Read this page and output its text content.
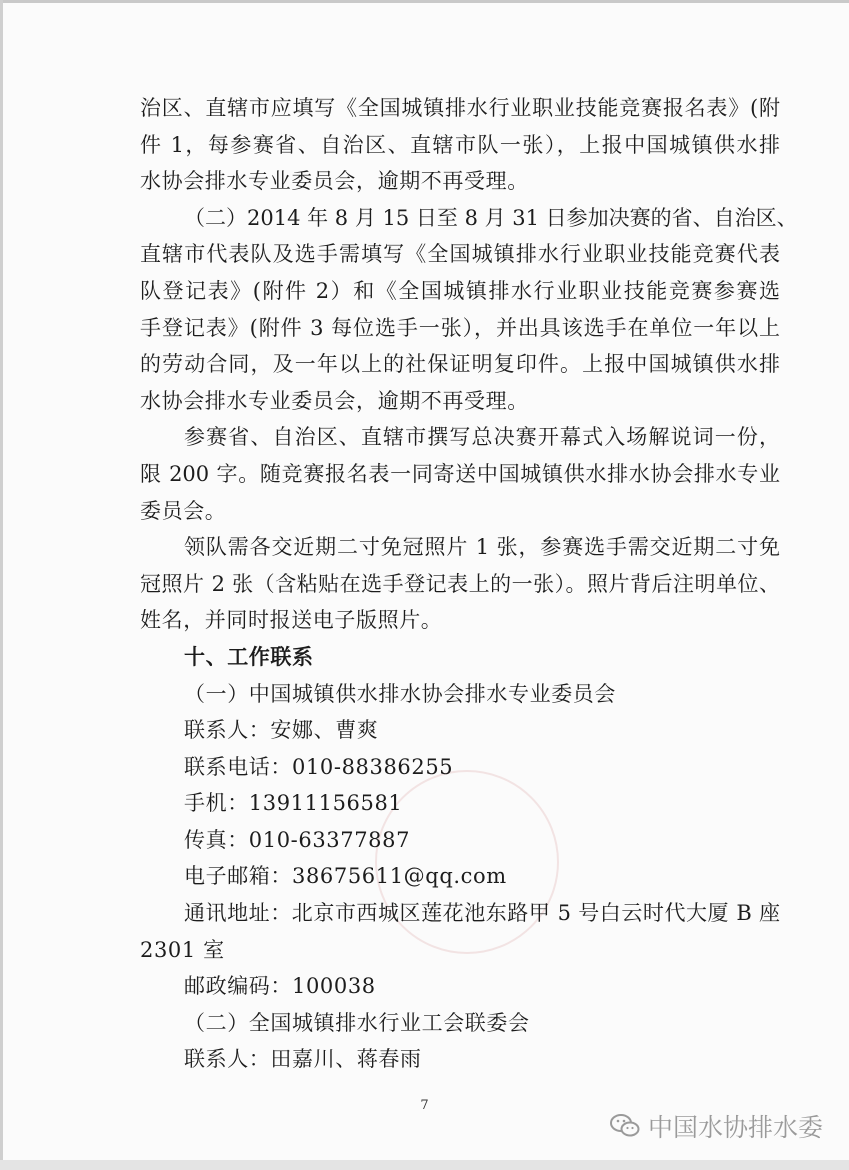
治区、直辖市应填写《全国城镇排水行业职业技能竞赛报名表》(附
件 1，每参赛省、自治区、直辖市队一张），上报中国城镇供水排
水协会排水专业委员会，逾期不再受理。
（二）2014 年 8 月 15 日至 8 月 31 日参加决赛的省、自治区、
直辖市代表队及选手需填写《全国城镇排水行业职业技能竞赛代表
队登记表》(附件 2）和《全国城镇排水行业职业技能竞赛参赛选
手登记表》(附件 3 每位选手一张），并出具该选手在单位一年以上
的劳动合同，及一年以上的社保证明复印件。上报中国城镇供水排
水协会排水专业委员会，逾期不再受理。
参赛省、自治区、直辖市撰写总决赛开幕式入场解说词一份，
限 200 字。随竞赛报名表一同寄送中国城镇供水排水协会排水专业
委员会。
领队需各交近期二寸免冠照片 1 张，参赛选手需交近期二寸免
冠照片 2 张（含粘贴在选手登记表上的一张）。照片背后注明单位、
姓名，并同时报送电子版照片。
十、工作联系
（一）中国城镇供水排水协会排水专业委员会
联系人：安娜、曹爽
联系电话：010-88386255
手机：13911156581
传真：010-63377887
电子邮箱：38675611@qq.com
通讯地址：北京市西城区莲花池东路甲 5 号白云时代大厦 B 座
2301 室
邮政编码：100038
（二）全国城镇排水行业工会联委会
联系人：田嘉川、蒋春雨
7
中国水协排水委
